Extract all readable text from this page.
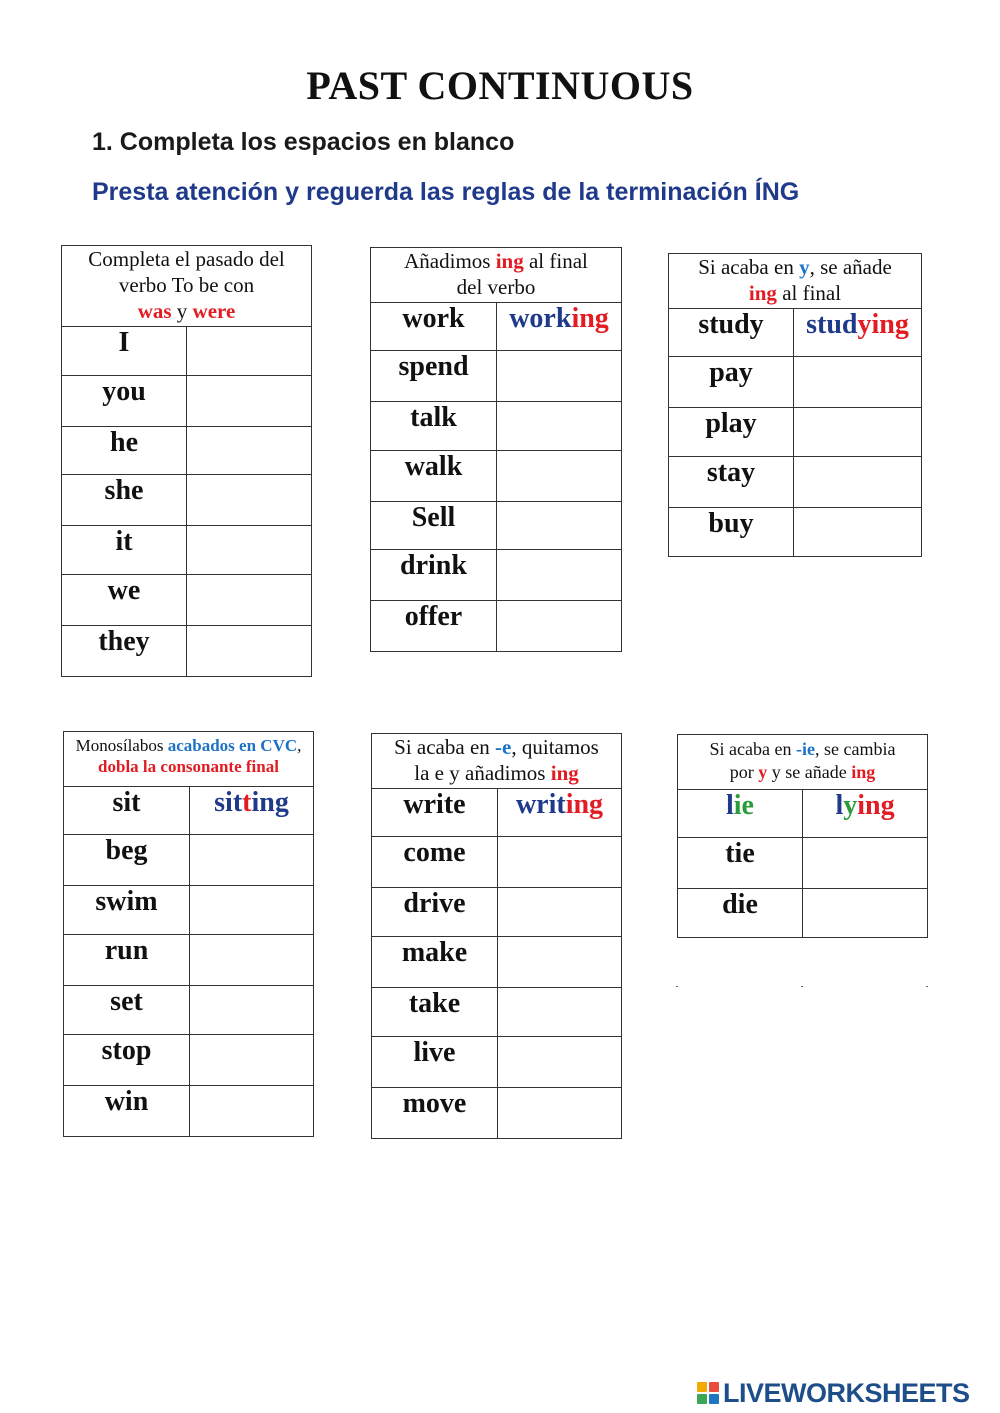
PAST CONTINUOUS
1. Completa los espacios en blanco
Presta atención y reguerda las reglas de la terminación ÍNG
Completa el pasado del
verbo To be con
was y were	
I	
you	
he	
she	
it	
we	
they	
Añadimos ing al final
del verbo	
work	working
spend	
talk	
walk	
Sell	
drink	
offer	
Si acaba en y, se añade
ing al final	
study	studying
pay	
play	
stay	
buy	
Monosílabos acabados en CVC,
dobla la consonante final	
sit	sitting
beg	
swim	
run	
set	
stop	
win	
Si acaba en -e, quitamos
la e y añadimos ing	
write	writing
come	
drive	
make	
take	
live	
move	
Si acaba en -ie, se cambia
por y y se añade ing	
lie	lying
tie	
die	
LIVEWORKSHEETS
